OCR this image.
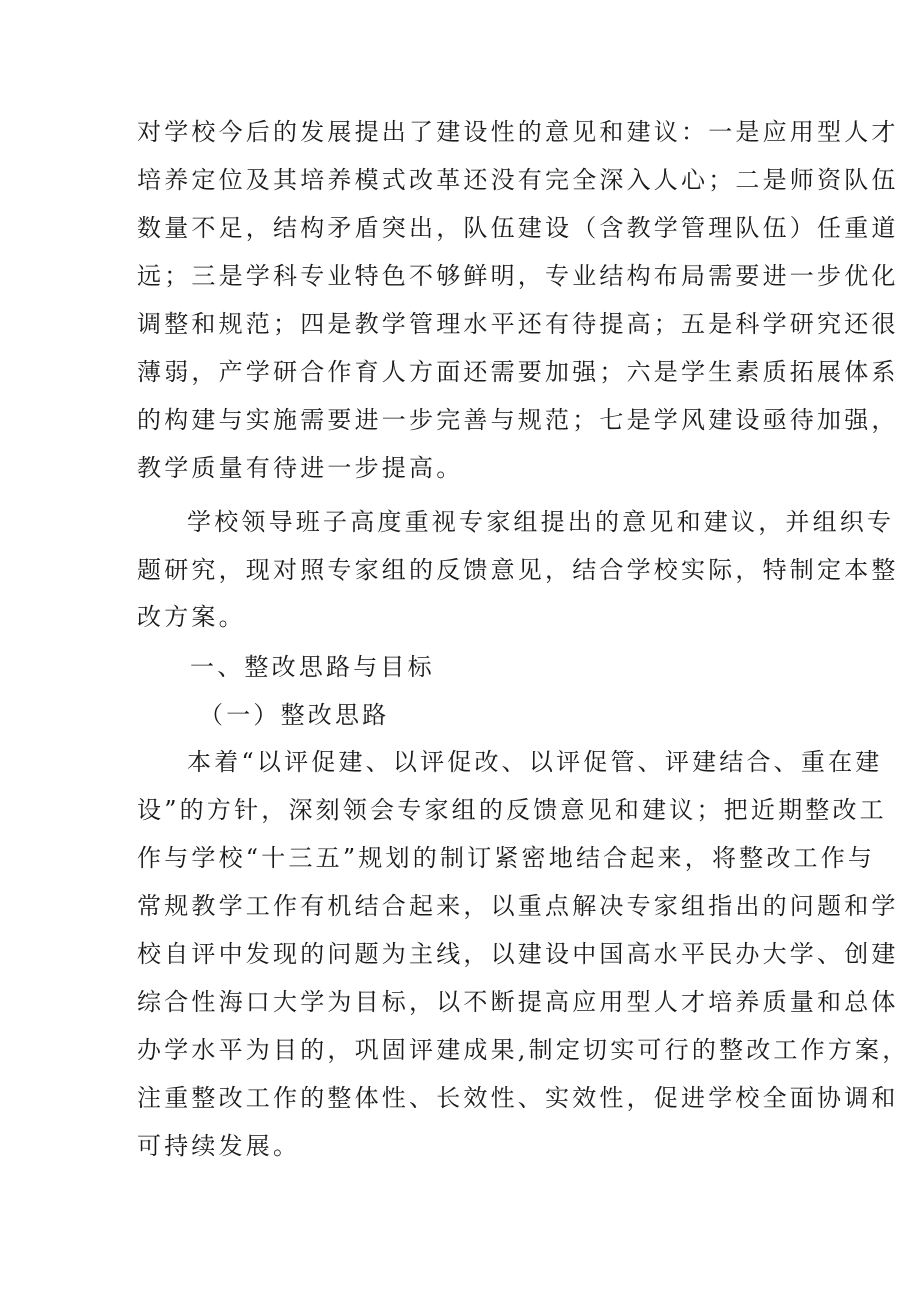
对学校今后的发展提出了建设性的意见和建议：一是应用型人才
培养定位及其培养模式改革还没有完全深入人心；二是师资队伍
数量不足，结构矛盾突出，队伍建设（含教学管理队伍）任重道
远；三是学科专业特色不够鲜明，专业结构布局需要进一步优化
调整和规范；四是教学管理水平还有待提高；五是科学研究还很
薄弱，产学研合作育人方面还需要加强；六是学生素质拓展体系
的构建与实施需要进一步完善与规范；七是学风建设亟待加强，
教学质量有待进一步提高。
学校领导班子高度重视专家组提出的意见和建议，并组织专
题研究，现对照专家组的反馈意见，结合学校实际，特制定本整
改方案。
一、整改思路与目标
（一）整改思路
本着“以评促建、以评促改、以评促管、评建结合、重在建
设”的方针，深刻领会专家组的反馈意见和建议；把近期整改工
作与学校“十三五”规划的制订紧密地结合起来，将整改工作与
常规教学工作有机结合起来，以重点解决专家组指出的问题和学
校自评中发现的问题为主线，以建设中国高水平民办大学、创建
综合性海口大学为目标，以不断提高应用型人才培养质量和总体
办学水平为目的，巩固评建成果,制定切实可行的整改工作方案，
注重整改工作的整体性、长效性、实效性，促进学校全面协调和
可持续发展。
